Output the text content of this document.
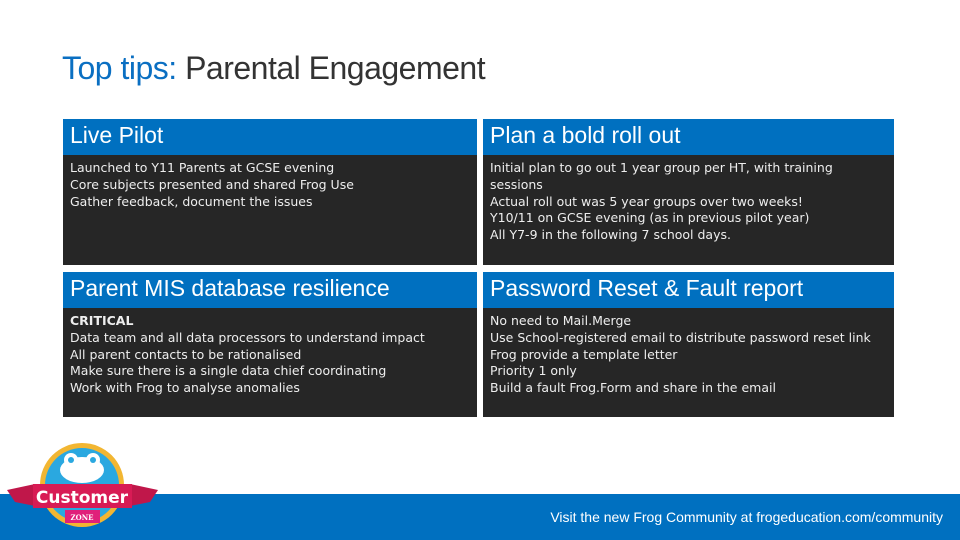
Top tips: Parental Engagement
Live Pilot
Launched to Y11 Parents at GCSE evening
Core subjects presented and shared Frog Use
Gather feedback, document the issues
Plan a bold roll out
Initial plan to go out 1 year group per HT, with training sessions
Actual roll out was 5 year groups over two weeks!
Y10/11 on GCSE evening (as in previous pilot year)
All Y7-9 in the following 7 school days.
Parent MIS database resilience
CRITICAL
Data team and all data processors to understand impact
All parent contacts to be rationalised
Make sure there is a single data chief coordinating
Work with Frog to analyse anomalies
Password Reset & Fault report
No need to Mail.Merge
Use School-registered email to distribute password reset link
Frog provide a template letter
Priority 1 only
Build a fault Frog.Form and share in the email
Visit the new Frog Community at frogeducation.com/community
Customer
ZONE
